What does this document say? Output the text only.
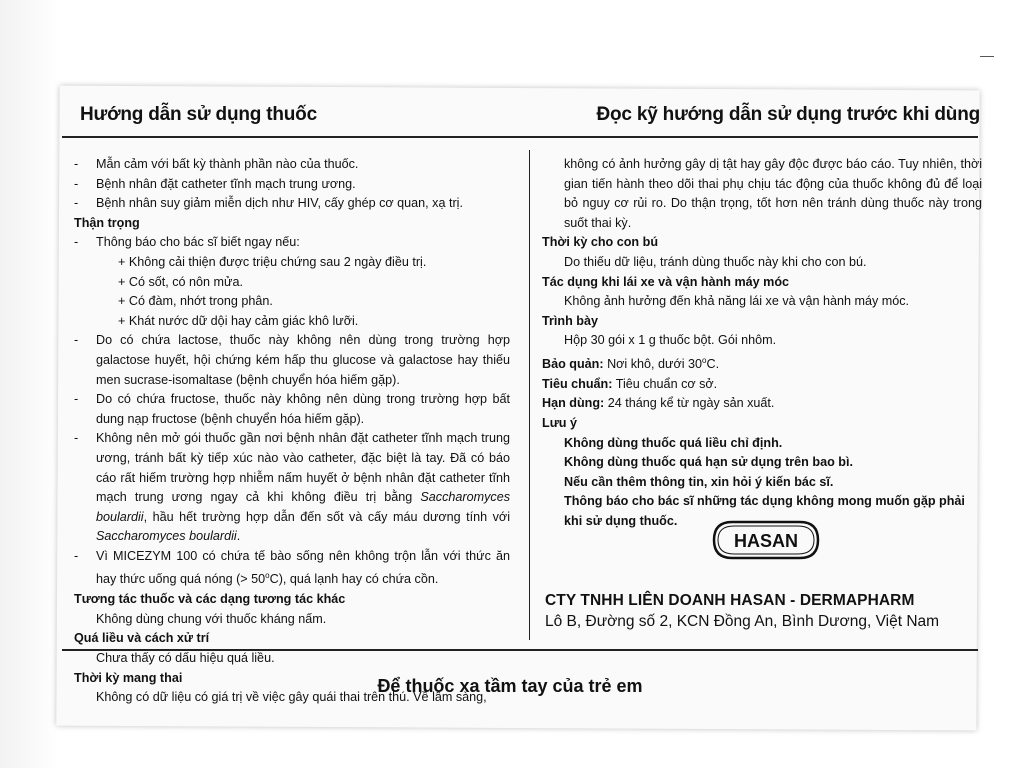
Hướng dẫn sử dụng thuốc	Đọc kỹ hướng dẫn sử dụng trước khi dùng
- Mẫn cảm với bất kỳ thành phần nào của thuốc.
- Bệnh nhân đặt catheter tĩnh mạch trung ương.
- Bệnh nhân suy giảm miễn dịch như HIV, cấy ghép cơ quan, xạ trị.
Thận trọng
- Thông báo cho bác sĩ biết ngay nếu:
+ Không cải thiện được triệu chứng sau 2 ngày điều trị.
+ Có sốt, có nôn mửa.
+ Có đàm, nhớt trong phân.
+ Khát nước dữ dội hay cảm giác khô lưỡi.
- Do có chứa lactose, thuốc này không nên dùng trong trường hợp galactose huyết, hội chứng kém hấp thu glucose và galactose hay thiếu men sucrase-isomaltase (bệnh chuyển hóa hiếm gặp).
- Do có chứa fructose, thuốc này không nên dùng trong trường hợp bất dung nạp fructose (bệnh chuyển hóa hiếm gặp).
- Không nên mở gói thuốc gần nơi bệnh nhân đặt catheter tĩnh mạch trung ương, tránh bất kỳ tiếp xúc nào vào catheter, đặc biệt là tay. Đã có báo cáo rất hiếm trường hợp nhiễm nấm huyết ở bệnh nhân đặt catheter tĩnh mạch trung ương ngay cả khi không điều trị bằng Saccharomyces boulardii, hầu hết trường hợp dẫn đến sốt và cấy máu dương tính với Saccharomyces boulardii.
- Vì MICEZYM 100 có chứa tế bào sống nên không trộn lẫn với thức ăn hay thức uống quá nóng (> $50^oC$), quá lạnh hay có chứa cồn.
Tương tác thuốc và các dạng tương tác khác
Không dùng chung với thuốc kháng nấm.
Quá liều và cách xử trí
Chưa thấy có dấu hiệu quá liều.
Thời kỳ mang thai
Không có dữ liệu có giá trị về việc gây quái thai trên thú. Về lâm sàng,
không có ảnh hưởng gây dị tật hay gây độc được báo cáo. Tuy nhiên, thời gian tiến hành theo dõi thai phụ chịu tác động của thuốc không đủ để loại bỏ nguy cơ rủi ro. Do thận trọng, tốt hơn nên tránh dùng thuốc này trong suốt thai kỳ.
Thời kỳ cho con bú
Do thiếu dữ liệu, tránh dùng thuốc này khi cho con bú.
Tác dụng khi lái xe và vận hành máy móc
Không ảnh hưởng đến khả năng lái xe và vận hành máy móc.
Trình bày
Hộp 30 gói x 1 g thuốc bột. Gói nhôm.
Bảo quản: Nơi khô, dưới 30$^o$C.
Tiêu chuẩn: Tiêu chuẩn cơ sở.
Hạn dùng: 24 tháng kể từ ngày sản xuất.
Lưu ý
Không dùng thuốc quá liều chỉ định.
Không dùng thuốc quá hạn sử dụng trên bao bì.
Nếu cần thêm thông tin, xin hỏi ý kiến bác sĩ.
Thông báo cho bác sĩ những tác dụng không mong muốn gặp phải khi sử dụng thuốc.
HASAN
CTY TNHH LIÊN DOANH HASAN - DERMAPHARM
Lô B, Đường số 2, KCN Đồng An, Bình Dương, Việt Nam
Để thuốc xa tầm tay của trẻ em
